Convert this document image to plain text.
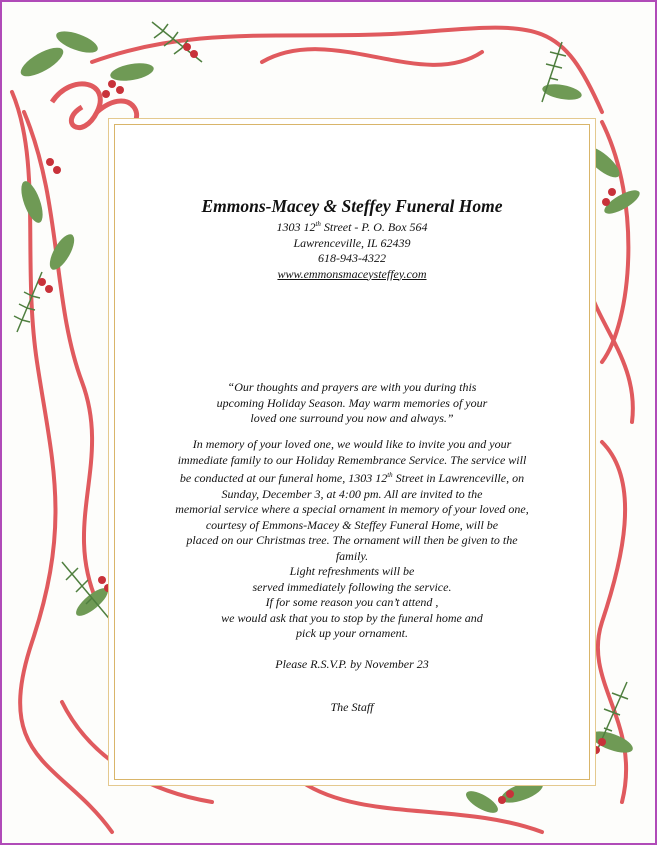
Emmons-Macey & Steffey Funeral Home
1303 12th Street - P. O. Box 564
Lawrenceville, IL 62439
618-943-4322
www.emmonsmaceysteffey.com
“Our thoughts and prayers are with you during this
upcoming Holiday Season. May warm memories of your
loved one surround you now and always.”
In memory of your loved one, we would like to invite you and your
immediate family to our Holiday Remembrance Service. The service will
be conducted at our funeral home, 1303 12th Street in Lawrenceville, on
Sunday, December 3, at 4:00 pm. All are invited to the
memorial service where a special ornament in memory of your loved one,
courtesy of Emmons-Macey & Steffey Funeral Home, will be
placed on our Christmas tree. The ornament will then be given to the
family.
Light refreshments will be
served immediately following the service.
If for some reason you can’t attend ,
we would ask that you to stop by the funeral home and
pick up your ornament.
Please R.S.V.P. by November 23
The Staff
